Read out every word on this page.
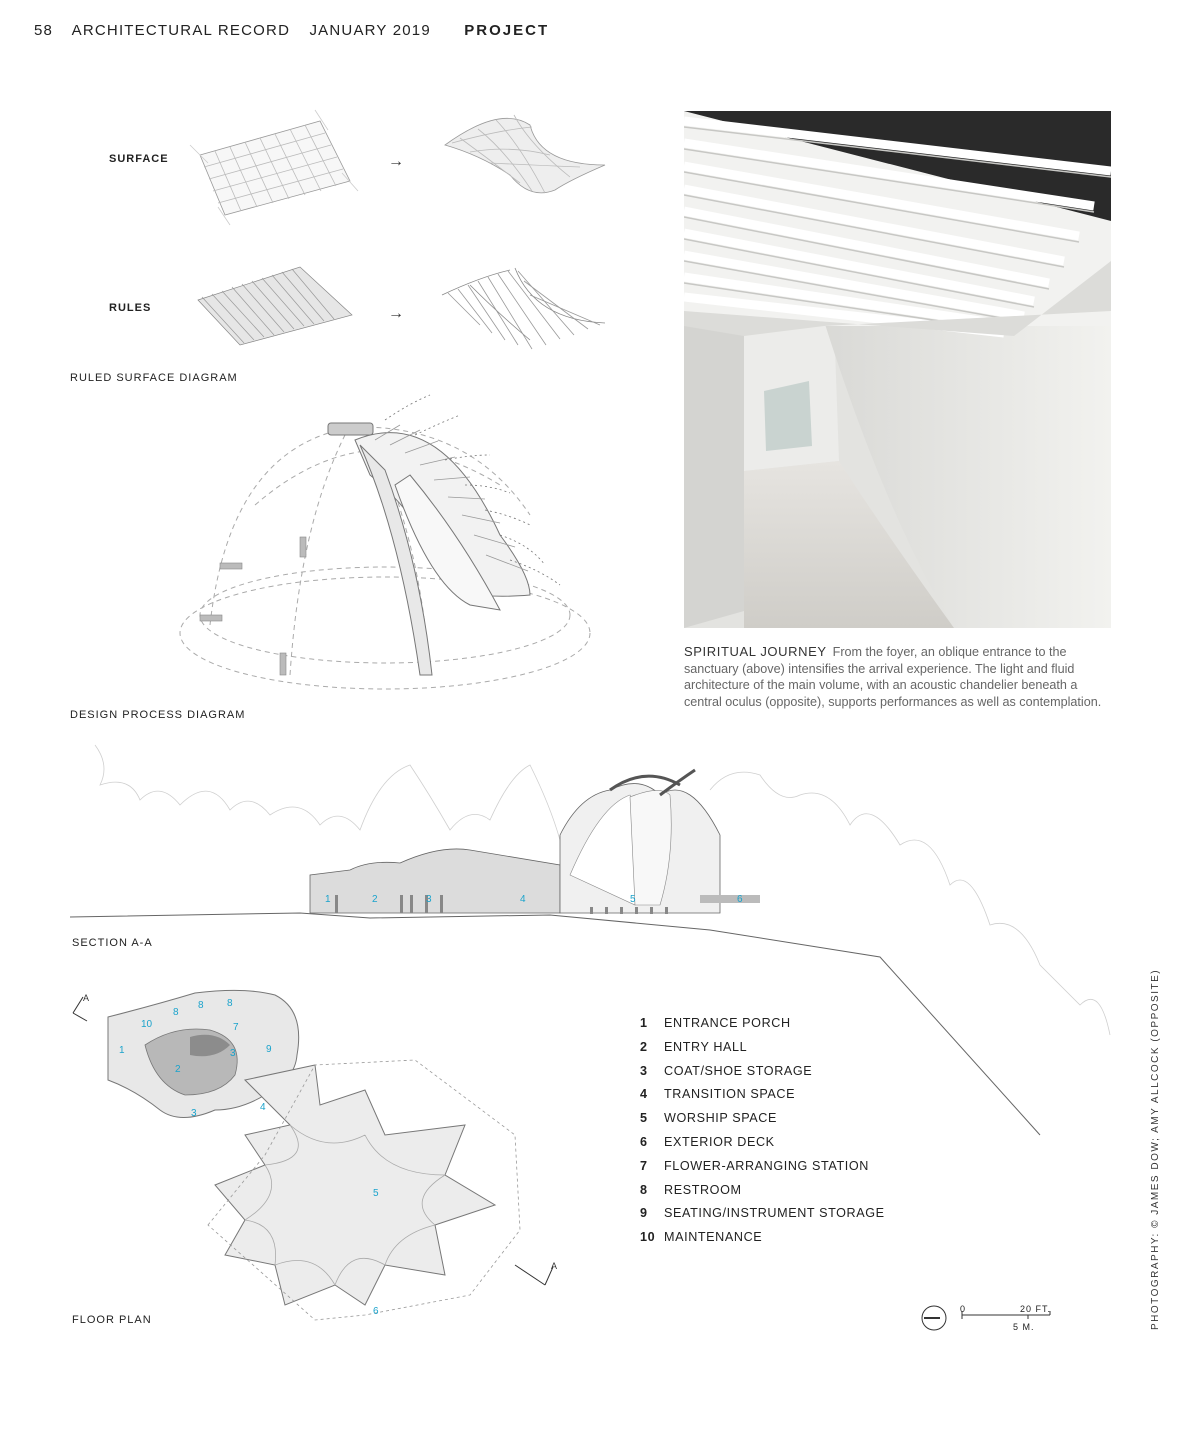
58 ARCHITECTURAL RECORD JANUARY 2019 PROJECT
SURFACE
RULES
→
→
RULED SURFACE DIAGRAM
DESIGN PROCESS DIAGRAM
SPIRITUAL JOURNEY From the foyer, an oblique entrance to the sanctuary (above) intensifies the arrival experience. The light and fluid architecture of the main volume, with an acoustic chandelier beneath a central oculus (opposite), supports performances as well as contemplation.
1	2	3	4	5	6
SECTION A-A
A
A
10
8
8 8
7
1	9
3
2
3
4
5
6
FLOOR PLAN
1	ENTRANCE PORCH
2	ENTRY HALL
3	COAT/SHOE STORAGE
4	TRANSITION SPACE
5	WORSHIP SPACE
6	EXTERIOR DECK
7	FLOWER-ARRANGING STATION
8	RESTROOM
9	SEATING/INSTRUMENT STORAGE
10 MAINTENANCE
0	20 FT.
5 M.	PHOTOGRAPHY: © JAMES DOW; AMY ALLCOCK (OPPOSITE)
